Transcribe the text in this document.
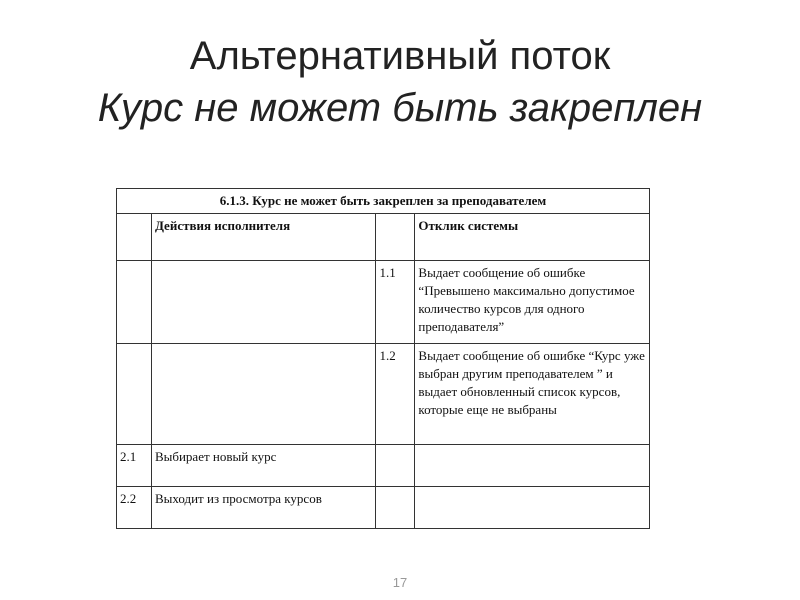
Альтернативный поток
Курс не может быть закреплен
6.1.3. Курс не может быть закреплен за преподавателем			
	Действия исполнителя		Отклик системы
		1.1	Выдает сообщение об ошибке “Превышено максимально допустимое количество курсов для одного преподавателя”
		1.2	Выдает сообщение об ошибке “Курс уже выбран другим преподавателем ” и выдает обновленный список курсов, которые еще не выбраны
2.1	Выбирает новый курс		
2.2	Выходит из просмотра курсов		
17
